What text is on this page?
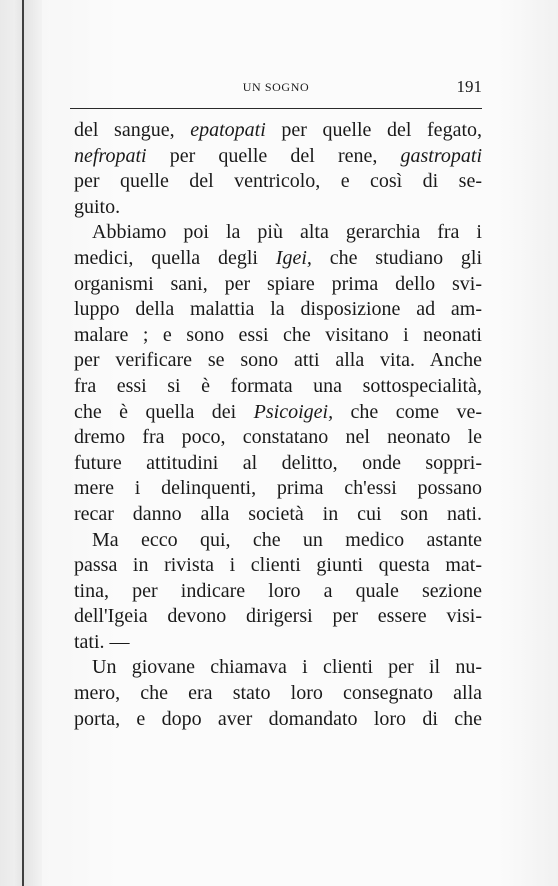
UN SOGNO	191
del sangue, epatopati per quelle del fegato,
nefropati per quelle del rene, gastropati
per quelle del ventricolo, e così di se-
guito.
Abbiamo poi la più alta gerarchia fra i
medici, quella degli Igei, che studiano gli
organismi sani, per spiare prima dello svi-
luppo della malattia la disposizione ad am-
malare ; e sono essi che visitano i neonati
per verificare se sono atti alla vita. Anche
fra essi si è formata una sottospecialità,
che è quella dei Psicoigei, che come ve-
dremo fra poco, constatano nel neonato le
future attitudini al delitto, onde soppri-
mere i delinquenti, prima ch'essi possano
recar danno alla società in cui son nati.
Ma ecco qui, che un medico astante
passa in rivista i clienti giunti questa mat-
tina, per indicare loro a quale sezione
dell'Igeia devono dirigersi per essere visi-
tati. —
Un giovane chiamava i clienti per il nu-
mero, che era stato loro consegnato alla
porta, e dopo aver domandato loro di che
